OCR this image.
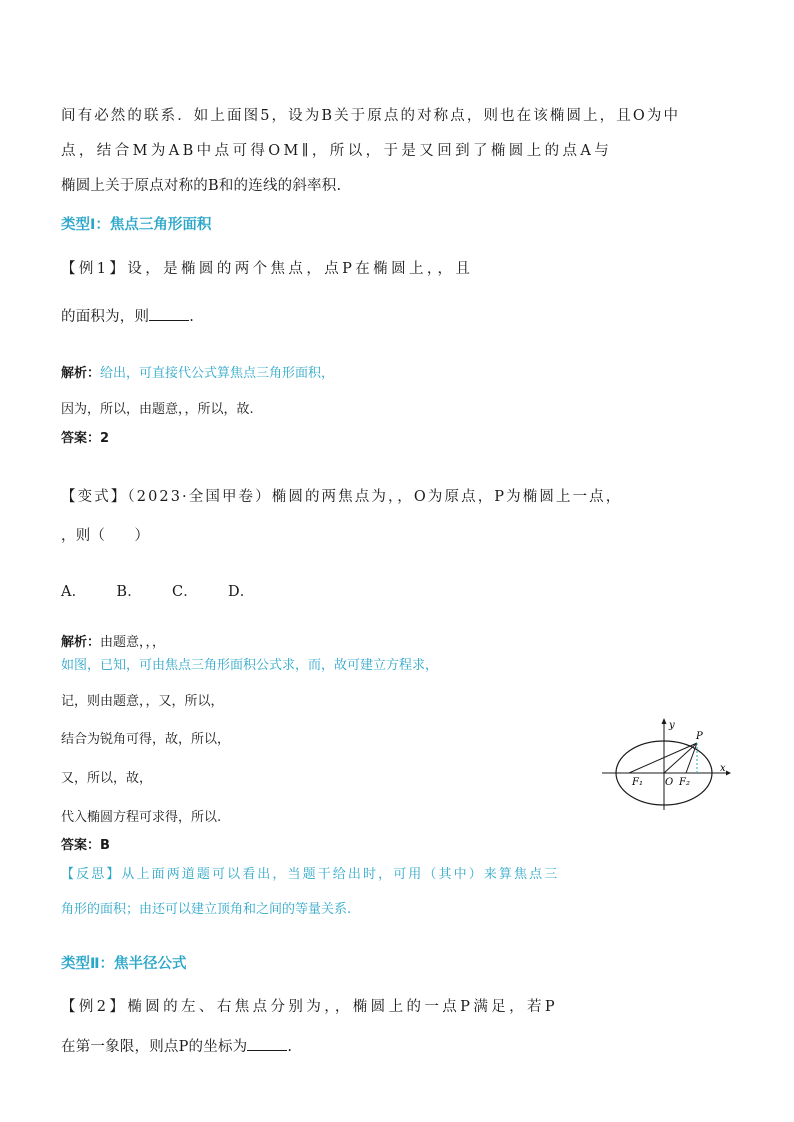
间有必然的联系．如上面图5，设为B关于原点的对称点，则也在该椭圆上，且O为中
点，结合M为AB中点可得OM∥，所以，于是又回到了椭圆上的点A与
椭圆上关于原点对称的B和的连线的斜率积.
类型Ⅰ：焦点三角形面积
【例1】设，是椭圆的两个焦点，点P在椭圆上，，且
的面积为，则	.
解析：给出，可直接代公式算焦点三角形面积，
因为，所以，由题意，，所以，故.
答案：2
【变式】（2023·全国甲卷）椭圆的两焦点为，，O为原点，P为椭圆上一点，
，则（　　）
A． B． C． D．
解析：由题意，，，
如图，已知，可由焦点三角形面积公式求，而，故可建立方程求，
记，则由题意，，又，所以，
结合为锐角可得，故，所以，
又，所以，故，
代入椭圆方程可求得，所以.
答案：B
【反思】从上面两道题可以看出，当题干给出时，可用（其中）来算焦点三
角形的面积；由还可以建立顶角和之间的等量关系.
类型Ⅱ：焦半径公式
【例2】椭圆的左、右焦点分别为，，椭圆上的一点P满足，若P
在第一象限，则点P的坐标为	.
y
x
P
F₁ O F₂
